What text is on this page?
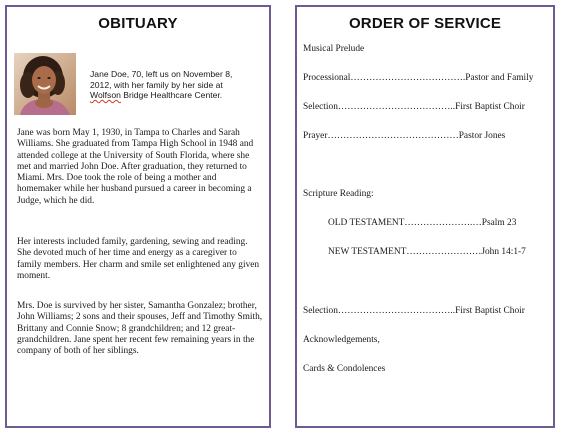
OBITUARY
Jane Doe, 70, left us on November 8,
2012, with her family by her side at
Wolfson Bridge Healthcare Center.

Jane was born May 1, 1930, in Tampa to Charles and Sarah Williams. She graduated from Tampa High School in 1948 and attended college at the University of South Florida, where she met and married John Doe. After graduation, they returned to Miami. Mrs. Doe took the role of being a mother and homemaker while her husband pursued a career in becoming a Judge, which he did.

Her interests included family, gardening, sewing and reading. She devoted much of her time and energy as a caregiver to family members. Her charm and smile set enlightened any given moment.

Mrs. Doe is survived by her sister, Samantha Gonzalez; brother, John Williams; 2 sons and their spouses, Jeff and Timothy Smith, Brittany and Connie Snow; 8 grandchildren; and 12 great-grandchildren. Jane spent her recent few remaining years in the company of both of her siblings.

ORDER OF SERVICE
Musical Prelude
Processional……………………………….Pastor and Family
Selection………………………………..First Baptist Choir
Prayer……………………………………Pastor Jones
Scripture Reading:
OLD TESTAMENT………………….…Psalm 23
NEW TESTAMENT……………………John 14:1-7
Selection………………………………..First Baptist Choir
Acknowledgements,
Cards & Condolences
